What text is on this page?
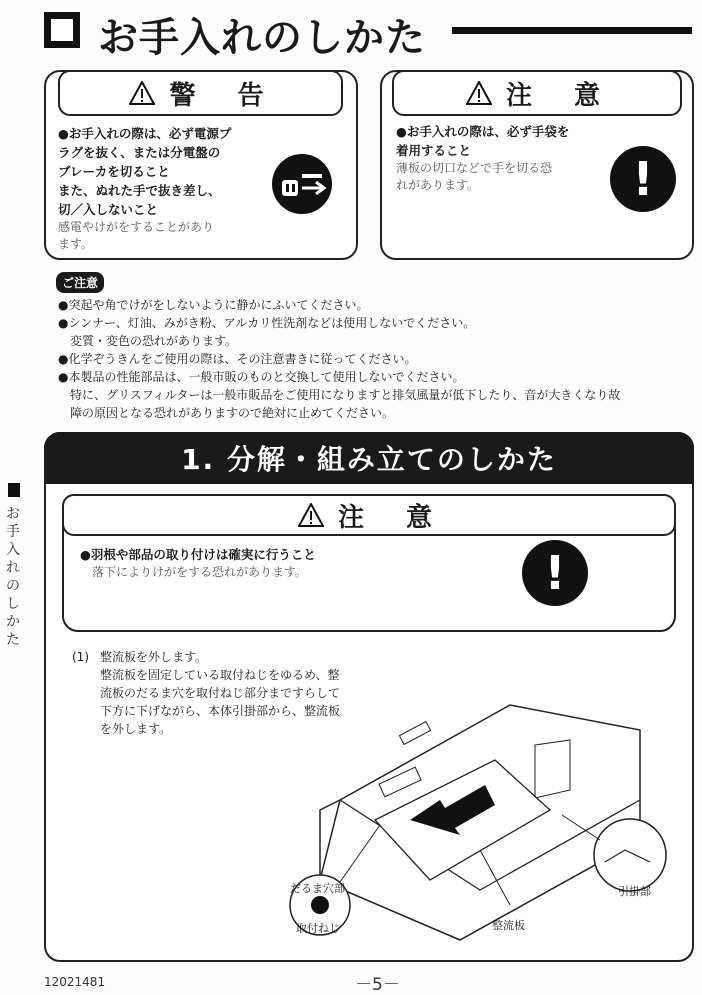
お手入れのしかた
警　告
●お手入れの際は、必ず電源プ
ラグを抜く、または分電盤の
ブレーカを切ること
また、ぬれた手で抜き差し、
切／入しないこと
感電やけがをすることがあり
ます。
注　意
●お手入れの際は、必ず手袋を
着用すること
薄板の切口などで手を切る恐
れがあります。	!
ご注意
●突起や角でけがをしないように静かにふいてください。
●シンナー、灯油、みがき粉、アルカリ性洗剤などは使用しないでください。
　変質・変色の恐れがあります。
●化学ぞうきんをご使用の際は、その注意書きに従ってください。
●本製品の性能部品は、一般市販のものと交換して使用しないでください。
　特に、グリスフィルターは一般市販品をご使用になりますと排気風量が低下したり、音が大きくなり故
　障の原因となる恐れがありますので絶対に止めてください。
1. 分解・組み立てのしかた
注　意
●羽根や部品の取り付けは確実に行うこと
　落下によりけがをする恐れがあります。	!
(1) 整流板を外します。
整流板を固定している取付ねじをゆるめ、整
流板のだるま穴を取付ねじ部分まですらして
下方に下げながら、本体引掛部から、整流板
を外します。
だるま穴部
取付ねじ
引掛部
整流板
お
手
入
れ
の
し
か
た
12021481	－5－
